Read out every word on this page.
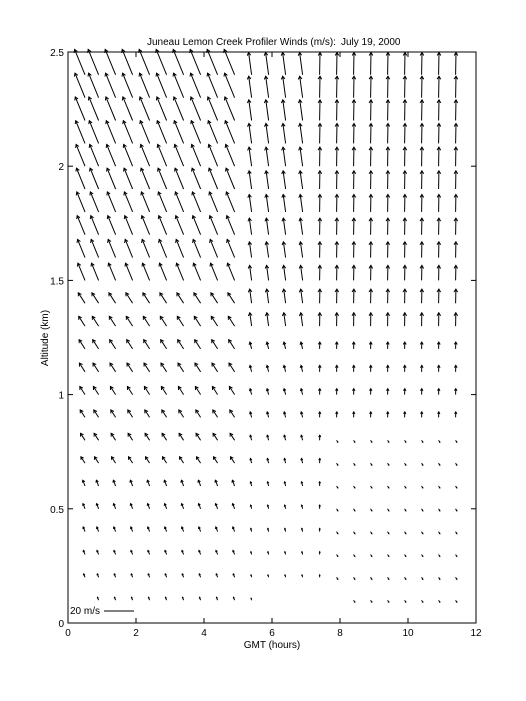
Juneau Lemon Creek Profiler Winds (m/s): July 19, 2000
0	2	4	6	8	10	12
0
0.5
1
1.5
2
2.5
GMT (hours)
Altitude (km)
20 m/s
